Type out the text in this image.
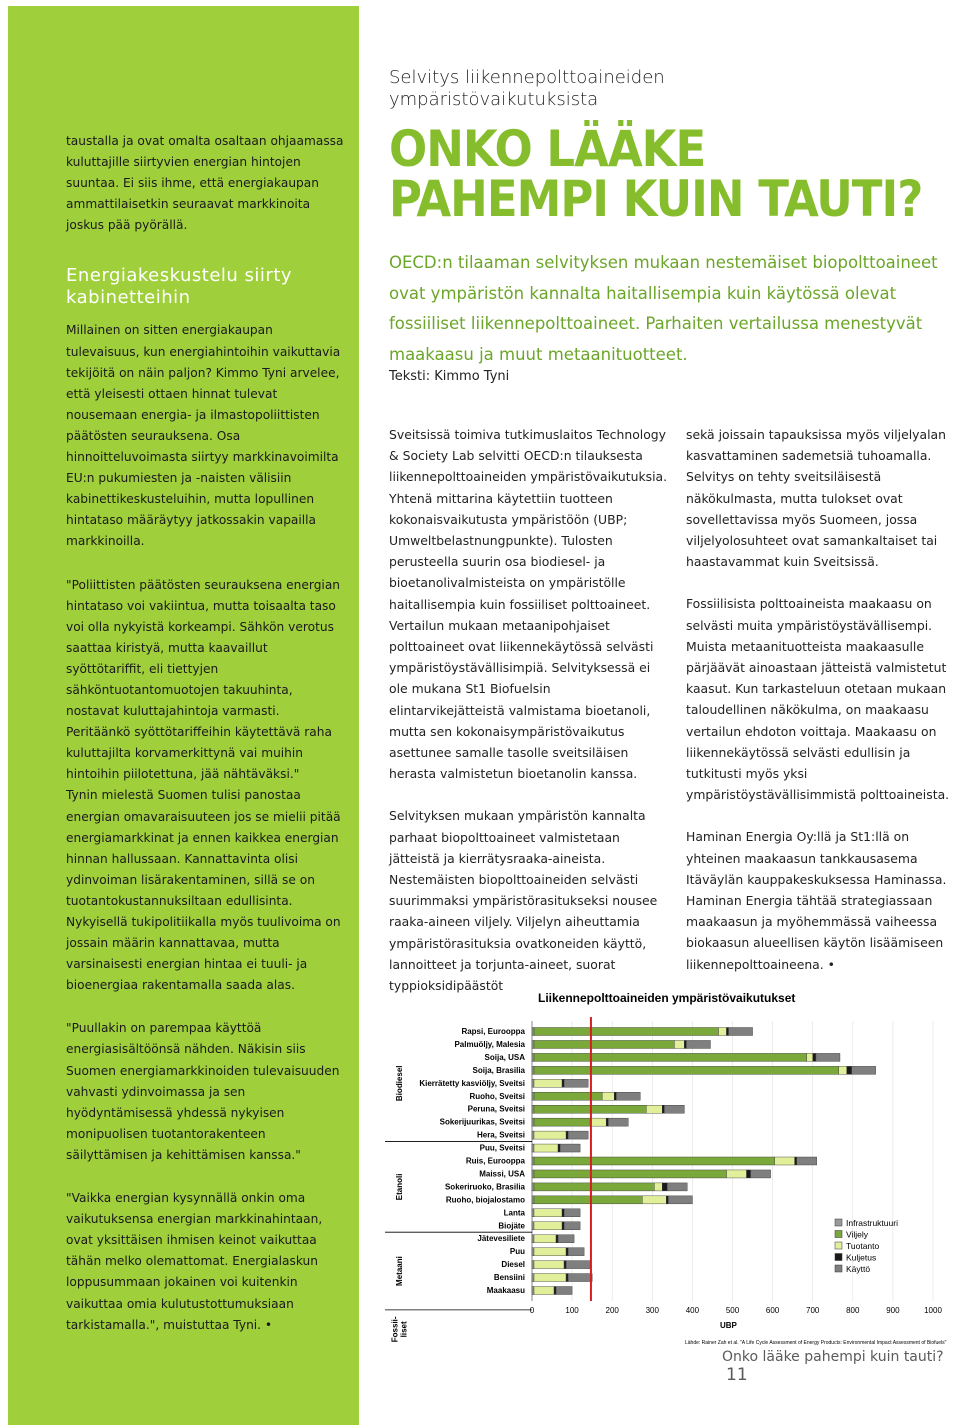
taustalla ja ovat omalta osaltaan ohjaamassa kuluttajille siirtyvien energian hintojen suuntaa. Ei siis ihme, että energiakaupan ammattilaisetkin seuraavat markkinoita joskus pää pyörällä.

Energiakeskustelu siirty kabinetteihin

Millainen on sitten energiakaupan tulevaisuus, kun energiahintoihin vaikuttavia tekijöitä on näin paljon? Kimmo Tyni arvelee, että yleisesti ottaen hinnat tulevat nousemaan energia- ja ilmastopoliittisten päätösten seurauksena. Osa hinnoitteluvoimasta siirtyy markkinavoimilta EU:n pukumiesten ja -naisten välisiin kabinettikeskusteluihin, mutta lopullinen hintataso määräytyy jatkossakin vapailla markkinoilla.

"Poliittisten päätösten seurauksena energian hintataso voi vakiintua, mutta toisaalta taso voi olla nykyistä korkeampi. Sähkön verotus saattaa kiristyä, mutta kaavaillut syöttötariffit, eli tiettyjen sähköntuotantomuotojen takuuhinta, nostavat kuluttajahintoja varmasti. Peritäänkö syöttötariffeihin käytettävä raha kuluttajilta korvamerkittynä vai muihin hintoihin piilotettuna, jää nähtäväksi."

Tynin mielestä Suomen tulisi panostaa energian omavaraisuuteen jos se mielii pitää energiamarkkinat ja ennen kaikkea energian hinnan hallussaan. Kannattavinta olisi ydinvoiman lisärakentaminen, sillä se on tuotantokustannuksiltaan edullisinta. Nykyisellä tukipolitiikalla myös tuulivoima on jossain määrin kannattavaa, mutta varsinaisesti energian hintaa ei tuuli- ja bioenergiaa rakentamalla saada alas.

"Puullakin on parempaa käyttöä energiasisältöönsä nähden. Näkisin siis Suomen energiamarkkinoiden tulevaisuuden vahvasti ydinvoimassa ja sen hyödyntämisessä yhdessä nykyisen monipuolisen tuotantorakenteen säilyttämisen ja kehittämisen kanssa."

"Vaikka energian kysynnällä onkin oma vaikutuksensa energian markkinahintaan, ovat yksittäisen ihmisen keinot vaikuttaa tähän melko olemattomat. Energialaskun loppusummaan jokainen voi kuitenkin vaikuttaa omia kulutustottumuksiaan tarkistamalla.", muistuttaa Tyni. •

Selvitys liikennepolttoaineiden ympäristövaikutuksista
ONKO LÄÄKE
PAHEMPI KUIN TAUTI?

OECD:n tilaaman selvityksen mukaan nestemäiset biopolttoaineet ovat ympäristön kannalta haitallisempia kuin käytössä olevat fossiiliset liikennepolttoaineet. Parhaiten vertailussa menestyvät maakaasu ja muut metaanituotteet.

Teksti: Kimmo Tyni

Sveitsissä toimiva tutkimuslaitos Technology & Society Lab selvitti OECD:n tilauksesta liikennepolttoaineiden ympäristövaikutuksia. Yhtenä mittarina käytettiin tuotteen kokonaisvaikutusta ympäristöön (UBP; Umweltbelastnungpunkte). Tulosten perusteella suurin osa biodiesel- ja bioetanolivalmisteista on ympäristölle haitallisempia kuin fossiiliset polttoaineet. Vertailun mukaan metaanipohjaiset polttoaineet ovat liikennekäytössä selvästi ympäristöystävällisimpiä. Selvityksessä ei ole mukana St1 Biofuelsin elintarvikejätteistä valmistama bioetanoli, mutta sen kokonaisympäristövaikutus asettunee samalle tasolle sveitsiläisen herasta valmistetun bioetanolin kanssa.

Selvityksen mukaan ympäristön kannalta parhaat biopolttoaineet valmistetaan jätteistä ja kierrätysraaka-aineista. Nestemäisten biopolttoaineiden selvästi suurimmaksi ympäristörasitukseksi nousee raaka-aineen viljely. Viljelyn aiheuttamia ympäristörasituksia ovatkoneiden käyttö, lannoitteet ja torjunta-aineet, suorat typpioksidipäästöt

sekä joissain tapauksissa myös viljelyalan kasvattaminen sademetsiä tuhoamalla. Selvitys on tehty sveitsiläisestä näkökulmasta, mutta tulokset ovat sovellettavissa myös Suomeen, jossa viljelyolosuhteet ovat samankaltaiset tai haastavammat kuin Sveitsissä.

Fossiilisista polttoaineista maakaasu on selvästi muita ympäristöystävällisempi. Muista metaanituotteista maakaasulle pärjäävät ainoastaan jätteistä valmistetut kaasut. Kun tarkasteluun otetaan mukaan taloudellinen näkökulma, on maakaasu vertailun ehdoton voittaja. Maakaasu on liikennekäytössä selvästi edullisin ja tutkitusti myös yksi ympäristöystävällisimmistä polttoaineista.

Haminan Energia Oy:llä ja St1:llä on yhteinen maakaasun tankkausasema Itäväylän kauppakeskuksessa Haminassa. Haminan Energia tähtää strategiassaan maakaasun ja myöhemmässä vaiheessa biokaasun alueellisen käytön lisäämiseen liikennepolttoaineena. •

Liikennepolttoaineiden ympäristövaikutukset
Rapsi, Eurooppa
Palmuöljy, Malesia
Soija, USA
Soija, Brasilia
Kierrätetty kasviöljy, Sveitsi
Ruoho, Sveitsi
Peruna, Sveitsi
Sokerijuurikas, Sveitsi
Hera, Sveitsi
Puu, Sveitsi
Ruis, Eurooppa
Maissi, USA
Sokeriruoko, Brasilia
Ruoho, biojalostamo
Lanta
Biojäte
Jätevesiliete
Puu
Diesel
Bensiini
Maakaasu
Biodiesel
Etanoli
Metaani
Fossii- liset
0	100	200	300	400	500	600	700	800	900	1000
UBP
Lähde: Rainer Zah et al. "A Life Cycle Assessment of Energy Products: Environmental Impact Assessment of Biofuels"
Infrastruktuuri
Viljely
Tuotanto
Kuljetus
Käyttö
Onko lääke pahempi kuin tauti? 11
